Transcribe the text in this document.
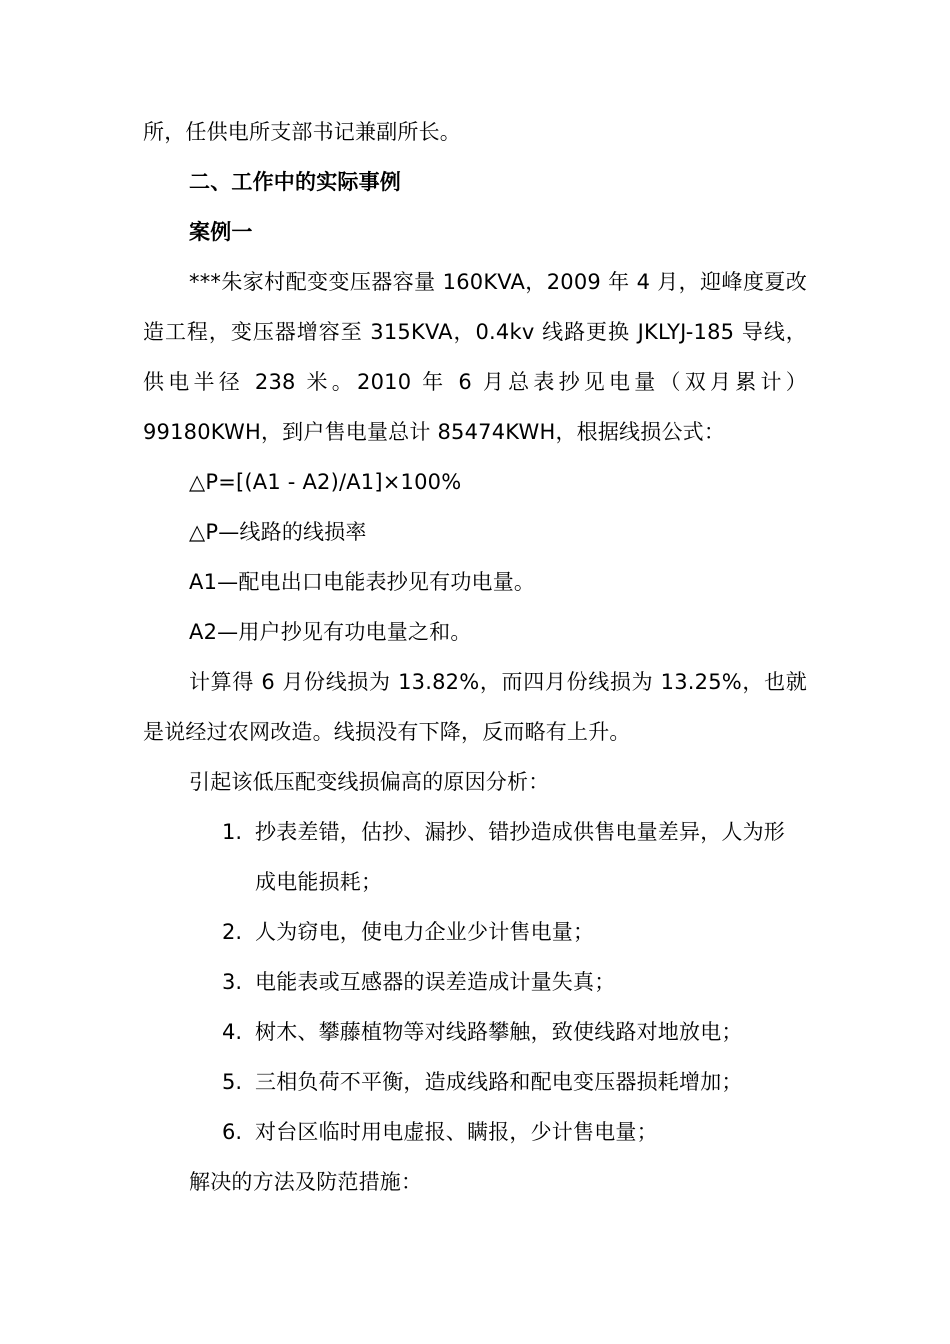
所，任供电所支部书记兼副所长。
二、工作中的实际事例
案例一
***朱家村配变变压器容量 160KVA，2009 年 4 月，迎峰度夏改
造工程，变压器增容至 315KVA，0.4kv 线路更换 JKLYJ-185 导线，
供电半径 238 米。2010 年 6 月总表抄见电量（双月累计）
99180KWH，到户售电量总计 85474KWH，根据线损公式：
△P=[(A1 - A2)/A1]×100%
△P—线路的线损率
A1—配电出口电能表抄见有功电量。
A2—用户抄见有功电量之和。
计算得 6 月份线损为 13.82%，而四月份线损为 13.25%，也就
是说经过农网改造。线损没有下降，反而略有上升。
引起该低压配变线损偏高的原因分析：
1. 抄表差错，估抄、漏抄、错抄造成供售电量差异，人为形
成电能损耗；
2. 人为窃电，使电力企业少计售电量；
3. 电能表或互感器的误差造成计量失真；
4. 树木、攀藤植物等对线路攀触，致使线路对地放电；
5. 三相负荷不平衡，造成线路和配电变压器损耗增加；
6. 对台区临时用电虚报、瞒报，少计售电量；
解决的方法及防范措施：
